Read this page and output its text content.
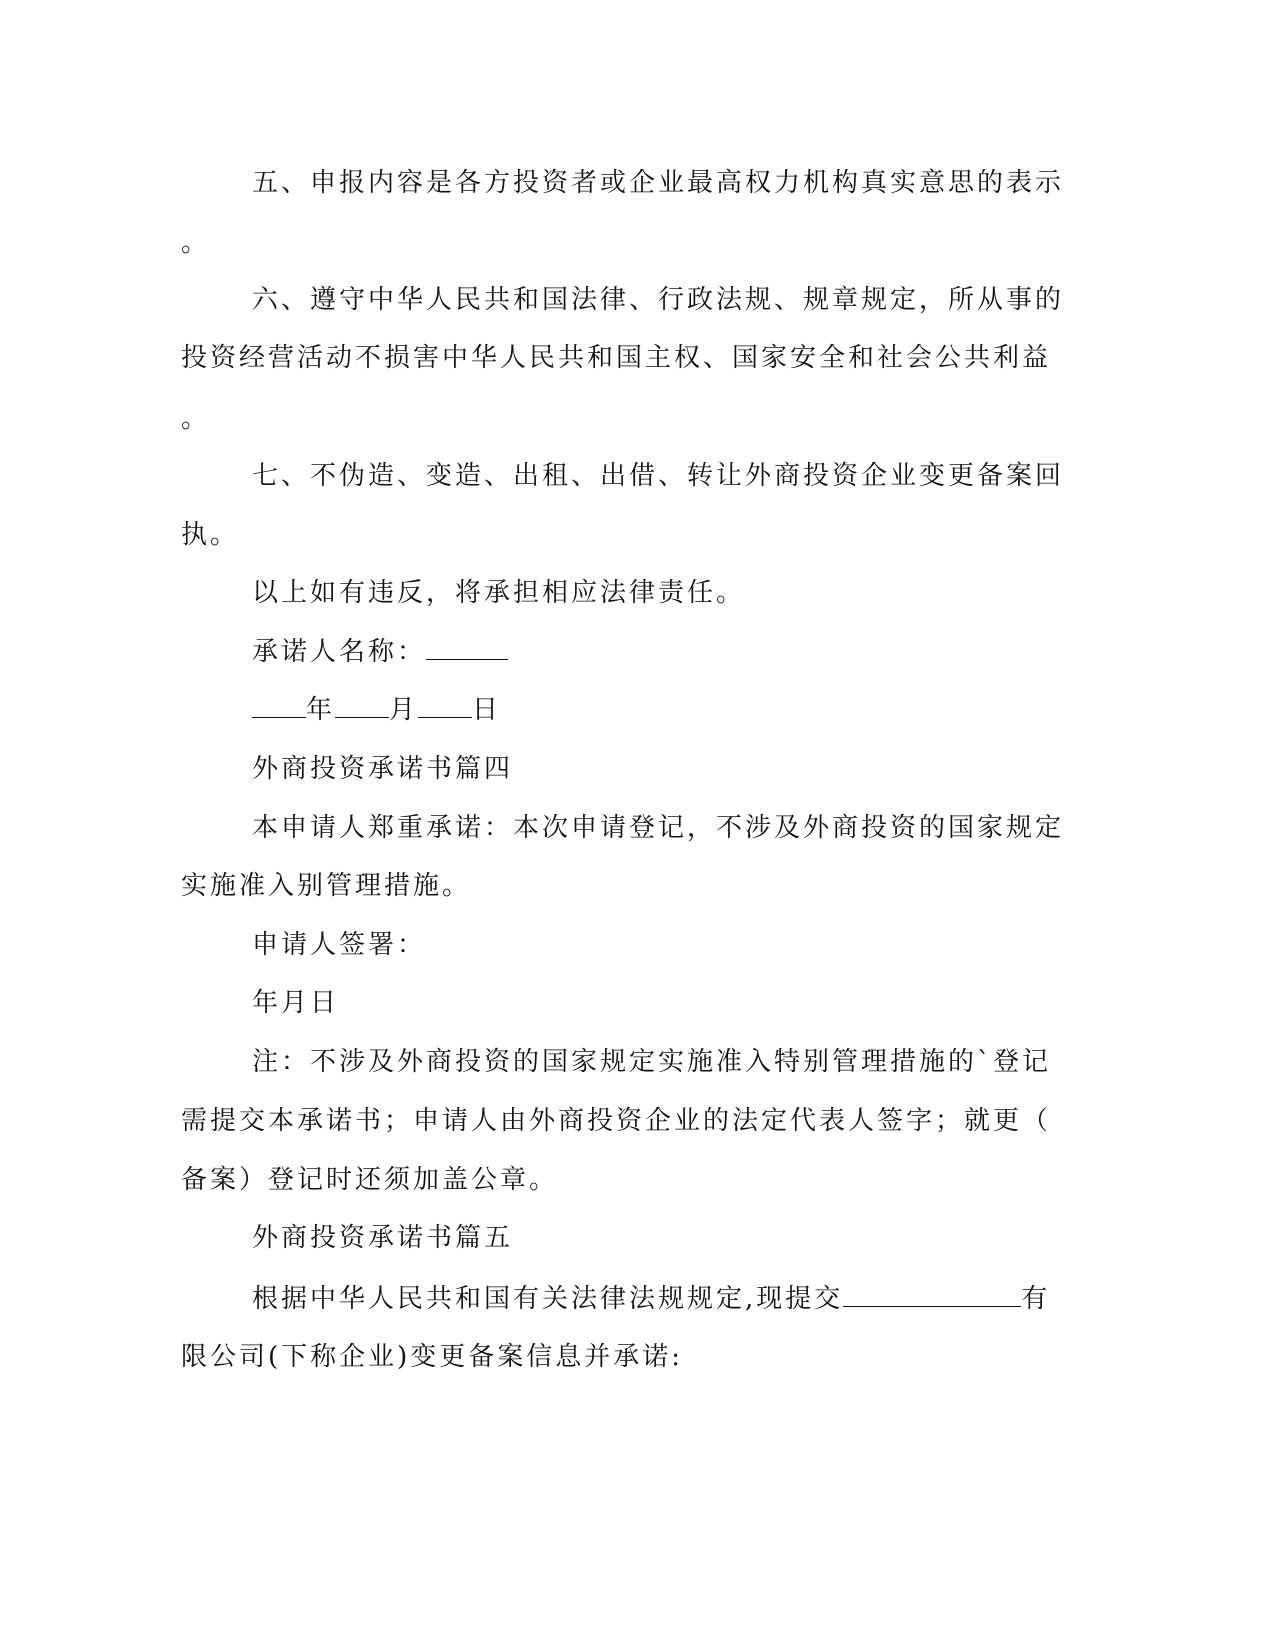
五、申报内容是各方投资者或企业最高权力机构真实意思的表示
。
六、遵守中华人民共和国法律、行政法规、规章规定，所从事的
投资经营活动不损害中华人民共和国主权、国家安全和社会公共利益
。
七、不伪造、变造、出租、出借、转让外商投资企业变更备案回
执。
以上如有违反，将承担相应法律责任。
承诺人名称：
年 月 日
外商投资承诺书篇四
本申请人郑重承诺：本次申请登记，不涉及外商投资的国家规定
实施准入别管理措施。
申请人签署：
年月日
注：不涉及外商投资的国家规定实施准入特别管理措施的`登记
需提交本承诺书；申请人由外商投资企业的法定代表人签字；就更（
备案）登记时还须加盖公章。
外商投资承诺书篇五
根据中华人民共和国有关法律法规规定,现提交	有
限公司(下称企业)变更备案信息并承诺:
